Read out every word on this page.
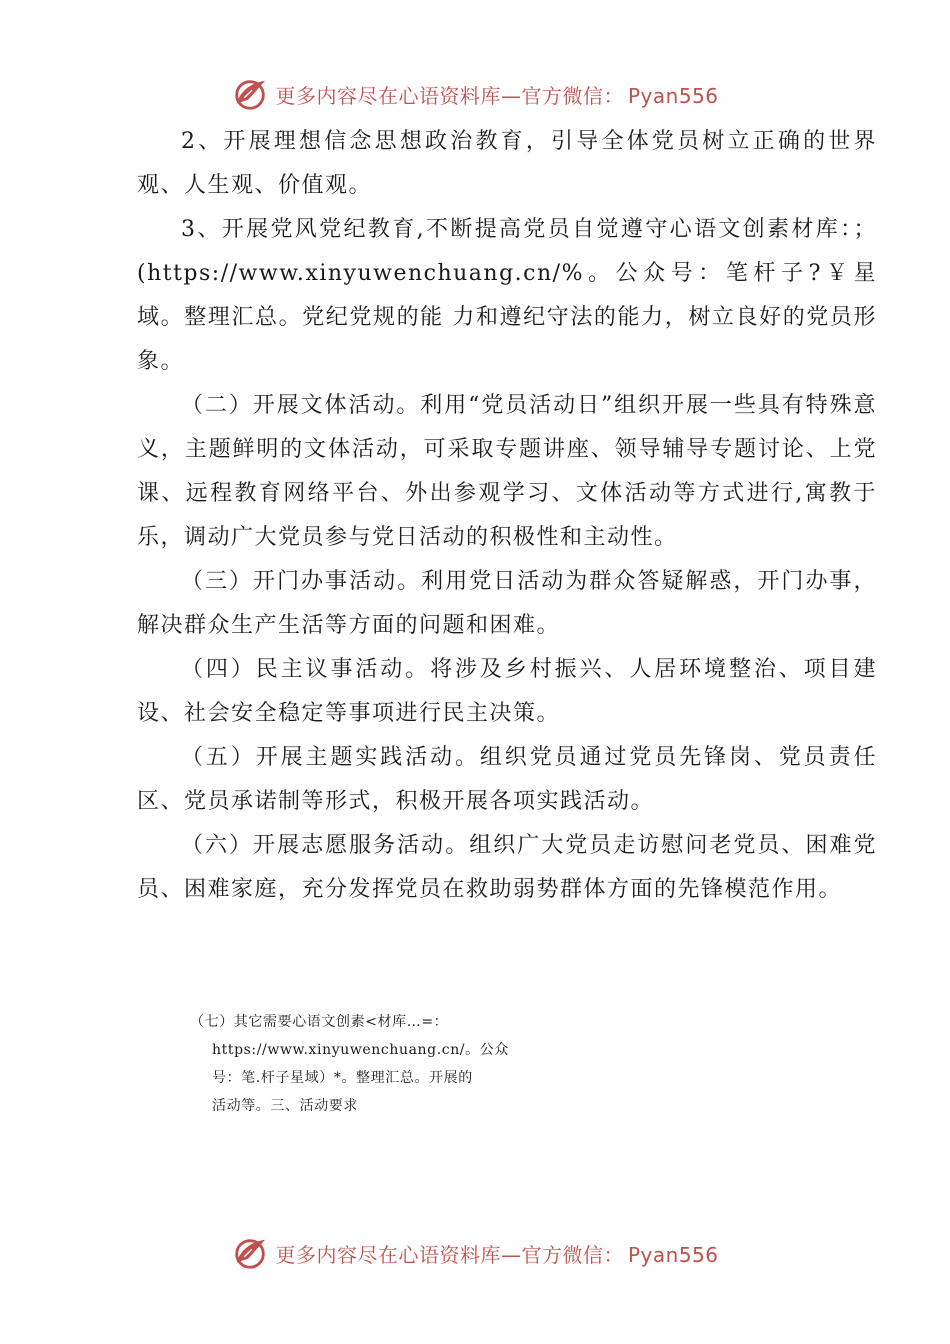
更多内容尽在心语资料库—官方微信： Pyan556

2、开展理想信念思想政治教育，引导全体党员树立正确的世界观、人生观、价值观。

3、开展党风党纪教育,不断提高党员自觉遵守心语文创素材库：；(https://www.xinyuwenchuang.cn/%。公众号：笔杆子?￥星域。整理汇总。党纪党规的能 力和遵纪守法的能力，树立良好的党员形象。

（二）开展文体活动。利用“党员活动日”组织开展一些具有特殊意义，主题鲜明的文体活动，可采取专题讲座、领导辅导专题讨论、上党课、远程教育网络平台、外出参观学习、文体活动等方式进行,寓教于乐，调动广大党员参与党日活动的积极性和主动性。

（三）开门办事活动。利用党日活动为群众答疑解惑，开门办事，解决群众生产生活等方面的问题和困难。

（四）民主议事活动。将涉及乡村振兴、人居环境整治、项目建设、社会安全稳定等事项进行民主决策。

（五）开展主题实践活动。组织党员通过党员先锋岗、党员责任区、党员承诺制等形式，积极开展各项实践活动。

（六）开展志愿服务活动。组织广大党员走访慰问老党员、困难党员、困难家庭，充分发挥党员在救助弱势群体方面的先锋模范作用。

（七）其它需要心语文创素<材库…=：

https://www.xinyuwenchuang.cn/。公众

号：笔.杆子星域）*。整理汇总。开展的

活动等。三、活动要求

更多内容尽在心语资料库—官方微信： Pyan556
